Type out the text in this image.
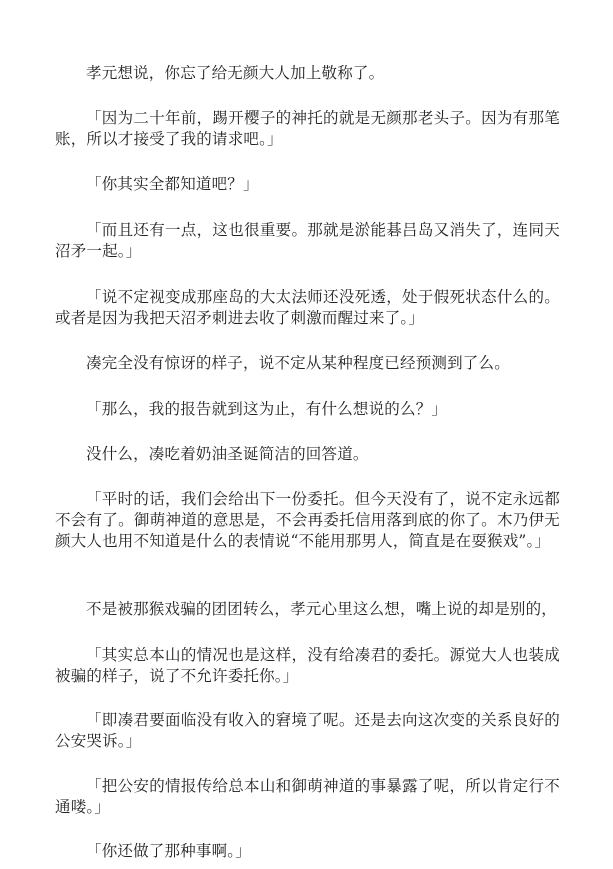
孝元想说，你忘了给无颜大人加上敬称了。

「因为二十年前，踢开樱子的神托的就是无颜那老头子。因为有那笔账，所以才接受了我的请求吧。」

「你其实全都知道吧？」

「而且还有一点，这也很重要。那就是淤能碁吕岛又消失了，连同天沼矛一起。」

「说不定视变成那座岛的大太法师还没死透，处于假死状态什么的。或者是因为我把天沼矛刺进去收了刺激而醒过来了。」

凑完全没有惊讶的样子，说不定从某种程度已经预测到了么。

「那么，我的报告就到这为止，有什么想说的么？」

没什么，凑吃着奶油圣诞简洁的回答道。

「平时的话，我们会给出下一份委托。但今天没有了，说不定永远都不会有了。御萌神道的意思是，不会再委托信用落到底的你了。木乃伊无颜大人也用不知道是什么的表情说“不能用那男人，简直是在耍猴戏”。」

不是被那猴戏骗的团团转么，孝元心里这么想，嘴上说的却是别的，

「其实总本山的情况也是这样，没有给凑君的委托。源觉大人也装成被骗的样子，说了不允许委托你。」

「即凑君要面临没有收入的窘境了呢。还是去向这次变的关系良好的公安哭诉。」

「把公安的情报传给总本山和御萌神道的事暴露了呢，所以肯定行不通喽。」

「你还做了那种事啊。」
